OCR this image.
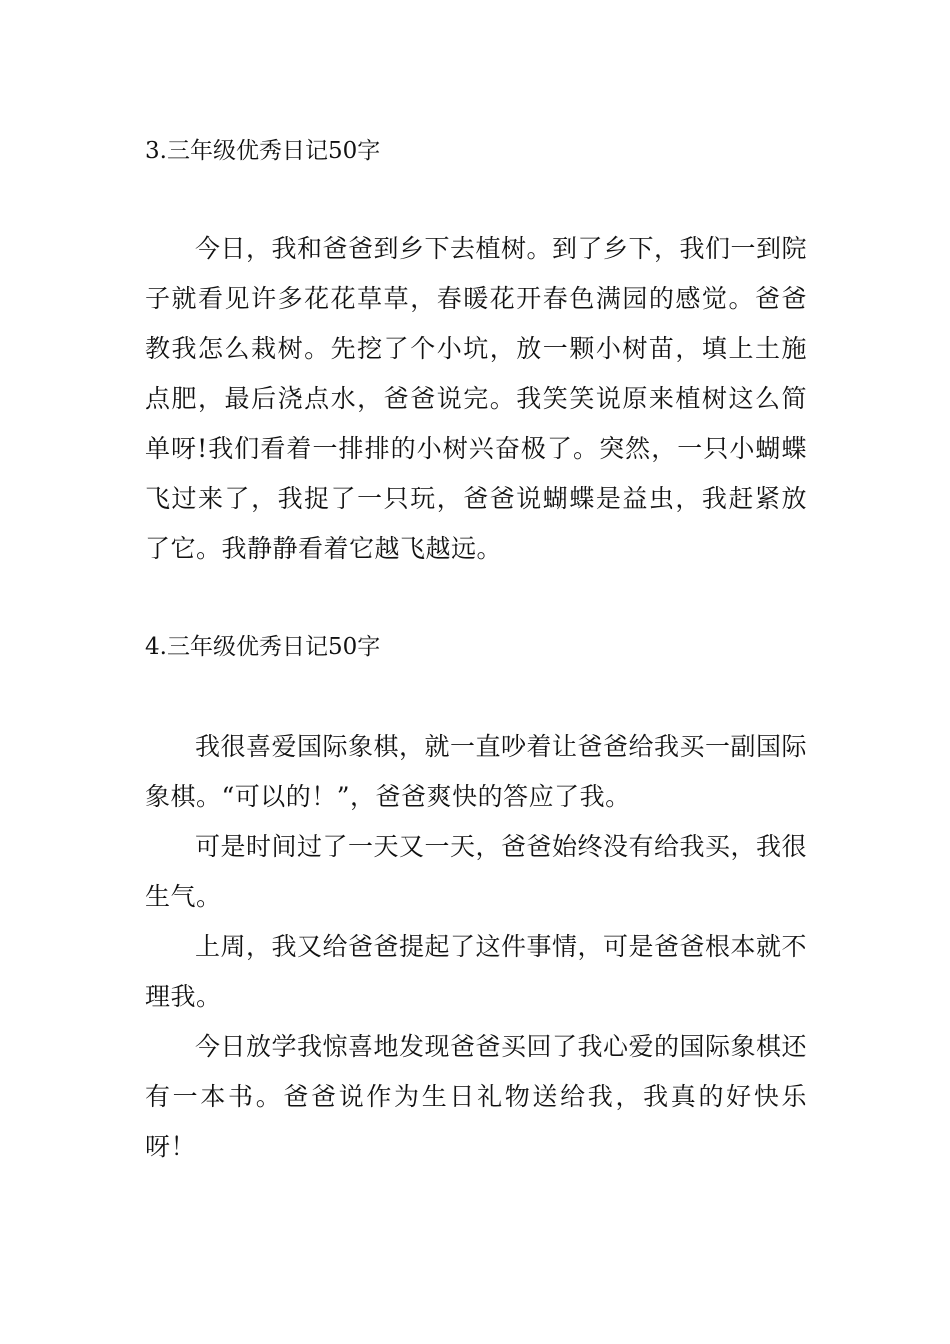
3.三年级优秀日记50字
今日，我和爸爸到乡下去植树。到了乡下，我们一到院子就看见许多花花草草，春暖花开春色满园的感觉。爸爸教我怎么栽树。先挖了个小坑，放一颗小树苗，填上土施点肥，最后浇点水，爸爸说完。我笑笑说原来植树这么简单呀!我们看着一排排的小树兴奋极了。突然，一只小蝴蝶飞过来了，我捉了一只玩，爸爸说蝴蝶是益虫，我赶紧放了它。我静静看着它越飞越远。
4.三年级优秀日记50字
我很喜爱国际象棋，就一直吵着让爸爸给我买一副国际象棋。“可以的！”，爸爸爽快的答应了我。
可是时间过了一天又一天，爸爸始终没有给我买，我很生气。
上周，我又给爸爸提起了这件事情，可是爸爸根本就不理我。
今日放学我惊喜地发现爸爸买回了我心爱的国际象棋还有一本书。爸爸说作为生日礼物送给我，我真的好快乐呀！
